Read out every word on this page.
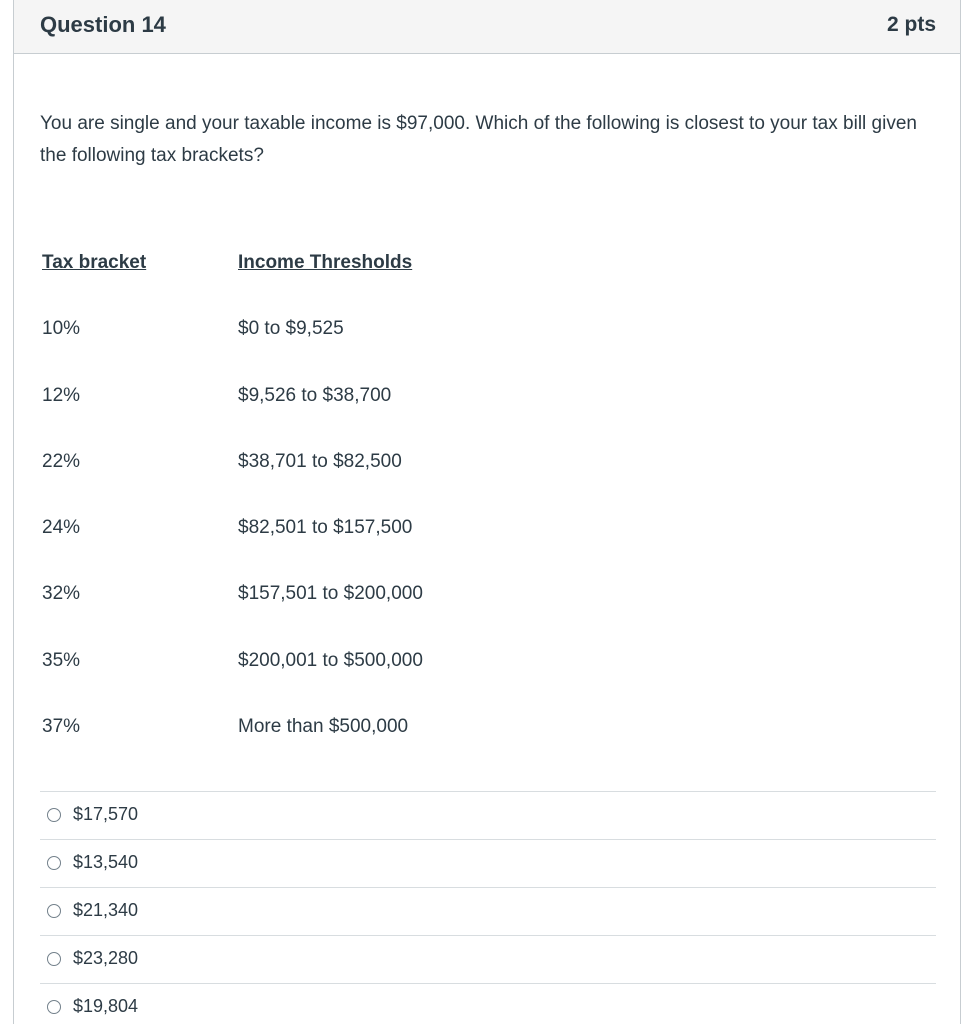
Question 14	2 pts
You are single and your taxable income is $97,000. Which of the following is closest to your tax bill given the following tax brackets?
Tax bracket	Income Thresholds
10%	$0 to $9,525
12%	$9,526 to $38,700
22%	$38,701 to $82,500
24%	$82,501 to $157,500
32%	$157,501 to $200,000
35%	$200,001 to $500,000
37%	More than $500,000
$17,570
$13,540
$21,340
$23,280
$19,804
